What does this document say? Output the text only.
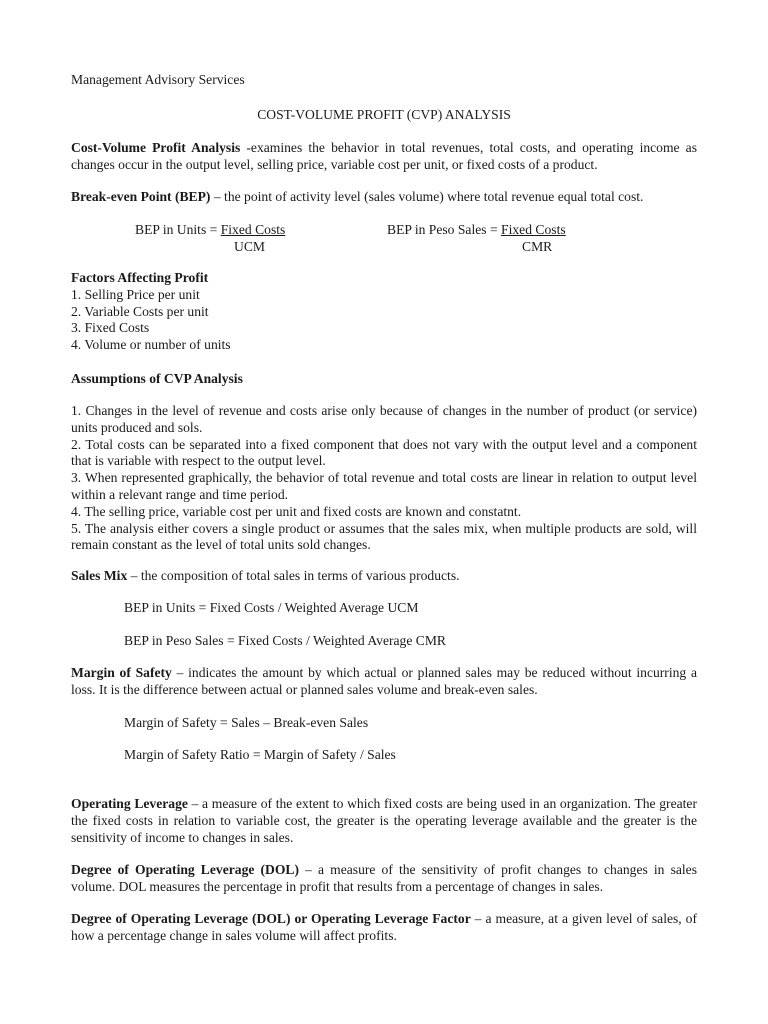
Management Advisory Services
COST-VOLUME PROFIT (CVP) ANALYSIS
Cost-Volume Profit Analysis -examines the behavior in total revenues, total costs, and operating income as changes occur in the output level, selling price, variable cost per unit, or fixed costs of a product.
Break-even Point (BEP) – the point of activity level (sales volume) where total revenue equal total cost.
BEP in Units = Fixed Costs
UCM
BEP in Peso Sales = Fixed Costs
CMR
Factors Affecting Profit
1. Selling Price per unit
2. Variable Costs per unit
3. Fixed Costs
4. Volume or number of units
Assumptions of CVP Analysis
1. Changes in the level of revenue and costs arise only because of changes in the number of product (or service) units produced and sols.
2. Total costs can be separated into a fixed component that does not vary with the output level and a component that is variable with respect to the output level.
3. When represented graphically, the behavior of total revenue and total costs are linear in relation to output level within a relevant range and time period.
4. The selling price, variable cost per unit and fixed costs are known and constatnt.
5. The analysis either covers a single product or assumes that the sales mix, when multiple products are sold, will remain constant as the level of total units sold changes.
Sales Mix – the composition of total sales in terms of various products.
BEP in Units = Fixed Costs / Weighted Average UCM
BEP in Peso Sales = Fixed Costs / Weighted Average CMR
Margin of Safety – indicates the amount by which actual or planned sales may be reduced without incurring a loss. It is the difference between actual or planned sales volume and break-even sales.
Margin of Safety = Sales – Break-even Sales
Margin of Safety Ratio = Margin of Safety / Sales
Operating Leverage – a measure of the extent to which fixed costs are being used in an organization. The greater the fixed costs in relation to variable cost, the greater is the operating leverage available and the greater is the sensitivity of income to changes in sales.
Degree of Operating Leverage (DOL) – a measure of the sensitivity of profit changes to changes in sales volume. DOL measures the percentage in profit that results from a percentage of changes in sales.
Degree of Operating Leverage (DOL) or Operating Leverage Factor – a measure, at a given level of sales, of how a percentage change in sales volume will affect profits.
